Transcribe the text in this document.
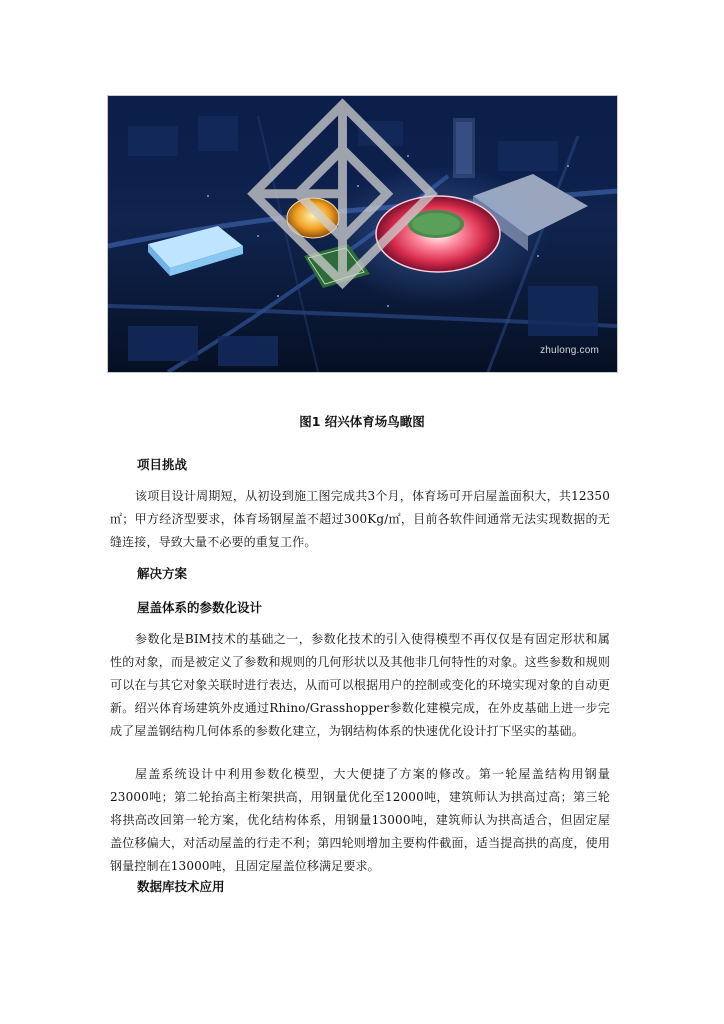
zhulong.com
图1 绍兴体育场鸟瞰图
项目挑战
该项目设计周期短，从初设到施工图完成共3个月，体育场可开启屋盖面积大，共12350㎡；甲方经济型要求，体育场钢屋盖不超过300Kg/㎡，目前各软件间通常无法实现数据的无缝连接，导致大量不必要的重复工作。
解决方案
屋盖体系的参数化设计
参数化是BIM技术的基础之一，参数化技术的引入使得模型不再仅仅是有固定形状和属性的对象，而是被定义了参数和规则的几何形状以及其他非几何特性的对象。这些参数和规则可以在与其它对象关联时进行表达，从而可以根据用户的控制或变化的环境实现对象的自动更新。绍兴体育场建筑外皮通过Rhino/Grasshopper参数化建模完成，在外皮基础上进一步完成了屋盖钢结构几何体系的参数化建立，为钢结构体系的快速优化设计打下坚实的基础。
屋盖系统设计中利用参数化模型，大大便捷了方案的修改。第一轮屋盖结构用钢量23000吨；第二轮抬高主桁架拱高，用钢量优化至12000吨，建筑师认为拱高过高；第三轮将拱高改回第一轮方案，优化结构体系，用钢量13000吨，建筑师认为拱高适合，但固定屋盖位移偏大，对活动屋盖的行走不利；第四轮则增加主要构件截面，适当提高拱的高度，使用钢量控制在13000吨，且固定屋盖位移满足要求。
数据库技术应用
